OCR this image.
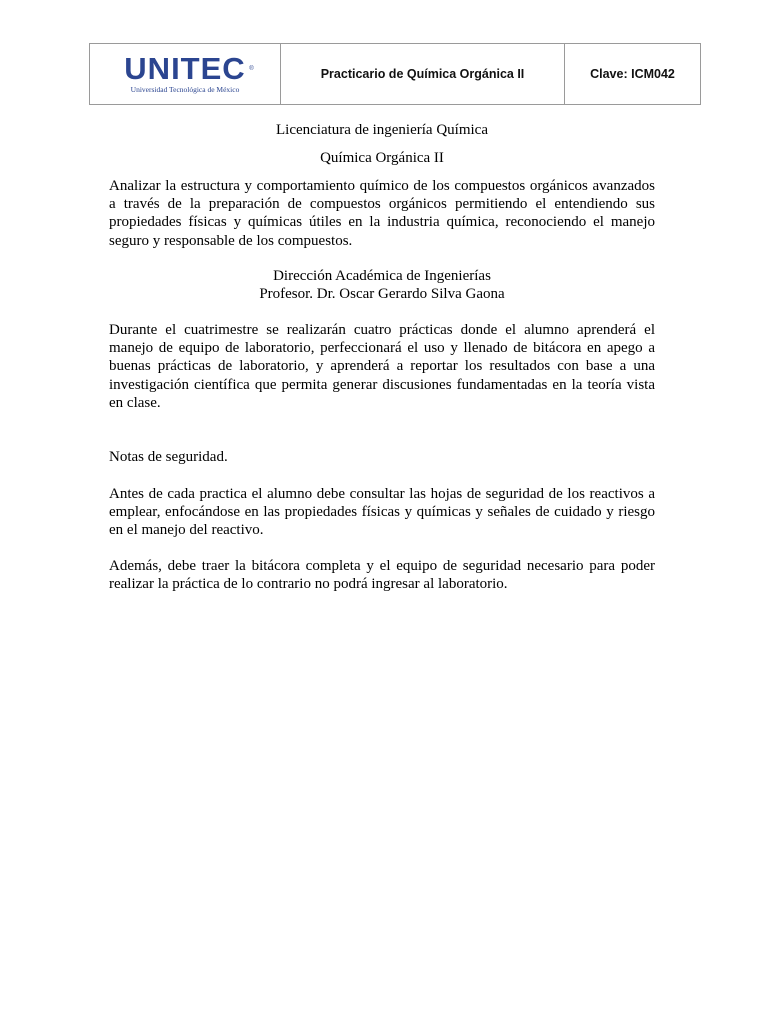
UNITEC ®
Universidad Tecnológica de México
Practicario de Química Orgánica II	Clave: ICM042

Licenciatura de ingeniería Química

Química Orgánica II

Analizar la estructura y comportamiento químico de los compuestos orgánicos avanzados a través de la preparación de compuestos orgánicos permitiendo el entendiendo sus propiedades físicas y químicas útiles en la industria química, reconociendo el manejo seguro y responsable de los compuestos.

Dirección Académica de Ingenierías

Profesor. Dr. Oscar Gerardo Silva Gaona

Durante el cuatrimestre se realizarán cuatro prácticas donde el alumno aprenderá el manejo de equipo de laboratorio, perfeccionará el uso y llenado de bitácora en apego a buenas prácticas de laboratorio, y aprenderá a reportar los resultados con base a una investigación científica que permita generar discusiones fundamentadas en la teoría vista en clase.

Notas de seguridad.

Antes de cada practica el alumno debe consultar las hojas de seguridad de los reactivos a emplear, enfocándose en las propiedades físicas y químicas y señales de cuidado y riesgo en el manejo del reactivo.

Además, debe traer la bitácora completa y el equipo de seguridad necesario para poder realizar la práctica de lo contrario no podrá ingresar al laboratorio.
